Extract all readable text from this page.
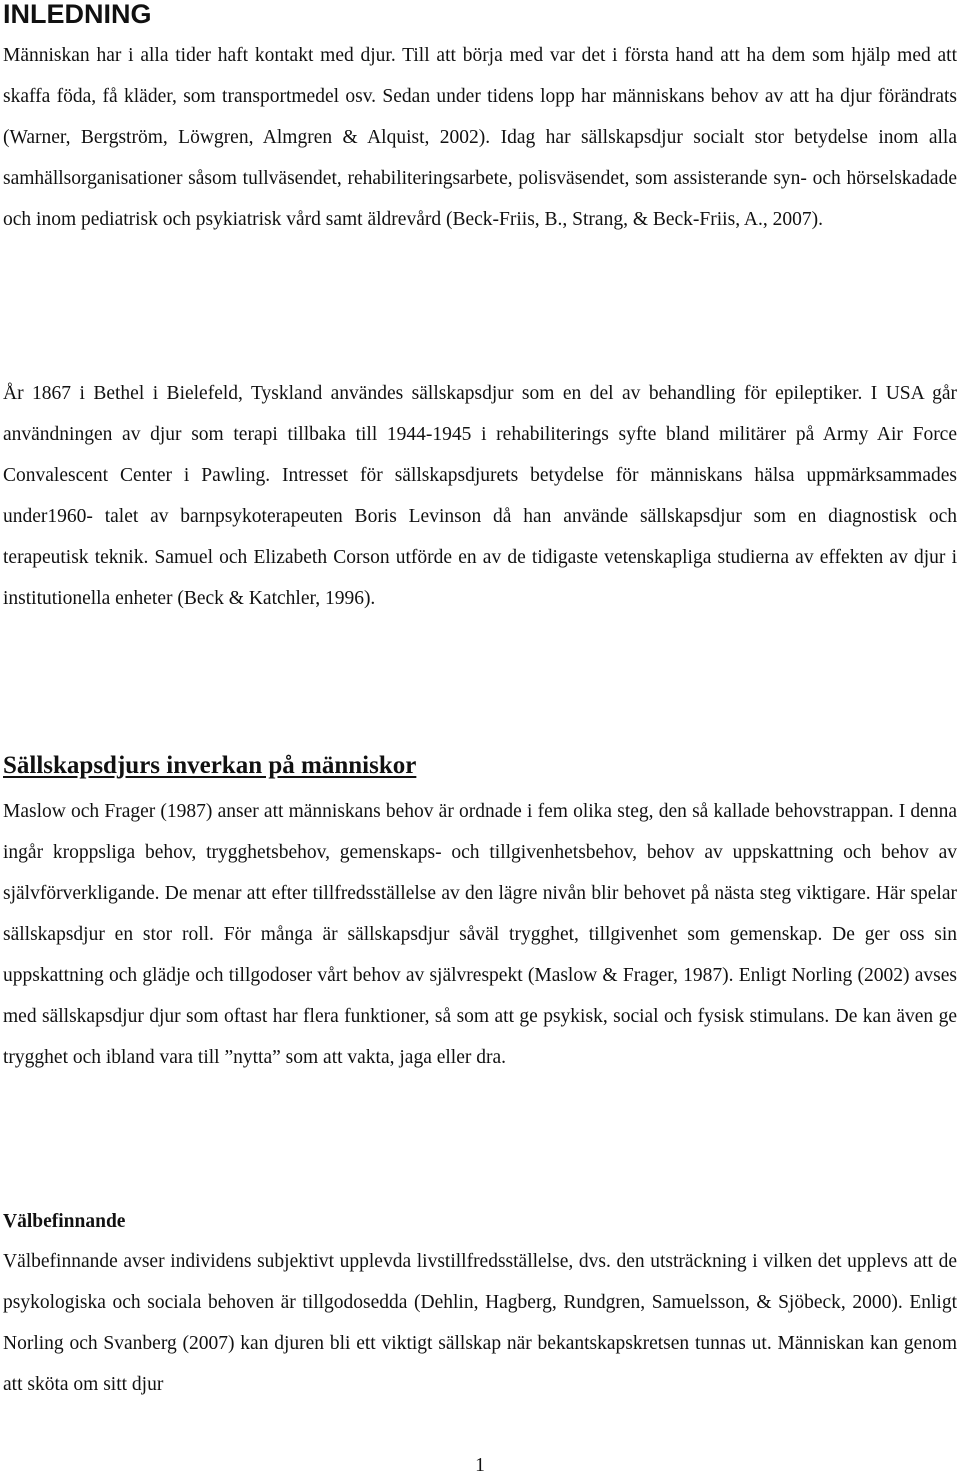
INLEDNING

Människan har i alla tider haft kontakt med djur. Till att börja med var det i första hand att ha dem som hjälp med att skaffa föda, få kläder, som transportmedel osv. Sedan under tidens lopp har människans behov av att ha djur förändrats (Warner, Bergström, Löwgren, Almgren & Alquist, 2002). Idag har sällskapsdjur socialt stor betydelse inom alla samhällsorganisationer såsom tullväsendet, rehabiliteringsarbete, polisväsendet, som assisterande syn- och hörselskadade och inom pediatrisk och psykiatrisk vård samt äldrevård (Beck-Friis, B., Strang, & Beck-Friis, A., 2007).

År 1867 i Bethel i Bielefeld, Tyskland användes sällskapsdjur som en del av behandling för epileptiker. I USA går användningen av djur som terapi tillbaka till 1944-1945 i rehabiliterings syfte bland militärer på Army Air Force Convalescent Center i Pawling. Intresset för sällskapsdjurets betydelse för människans hälsa uppmärksammades under1960- talet av barnpsykoterapeuten Boris Levinson då han använde sällskapsdjur som en diagnostisk och terapeutisk teknik. Samuel och Elizabeth Corson utförde en av de tidigaste vetenskapliga studierna av effekten av djur i institutionella enheter (Beck & Katchler, 1996).

Sällskapsdjurs inverkan på människor

Maslow och Frager (1987) anser att människans behov är ordnade i fem olika steg, den så kallade behovstrappan. I denna ingår kroppsliga behov, trygghetsbehov, gemenskaps- och tillgivenhetsbehov, behov av uppskattning och behov av självförverkligande. De menar att efter tillfredsställelse av den lägre nivån blir behovet på nästa steg viktigare. Här spelar sällskapsdjur en stor roll. För många är sällskapsdjur såväl trygghet, tillgivenhet som gemenskap. De ger oss sin uppskattning och glädje och tillgodoser vårt behov av självrespekt (Maslow & Frager, 1987). Enligt Norling (2002) avses med sällskapsdjur djur som oftast har flera funktioner, så som att ge psykisk, social och fysisk stimulans. De kan även ge trygghet och ibland vara till ”nytta” som att vakta, jaga eller dra.

Välbefinnande

Välbefinnande avser individens subjektivt upplevda livstillfredsställelse, dvs. den utsträckning i vilken det upplevs att de psykologiska och sociala behoven är tillgodosedda (Dehlin, Hagberg, Rundgren, Samuelsson, & Sjöbeck, 2000). Enligt Norling och Svanberg (2007) kan djuren bli ett viktigt sällskap när bekantskapskretsen tunnas ut. Människan kan genom att sköta om sitt djur

1
